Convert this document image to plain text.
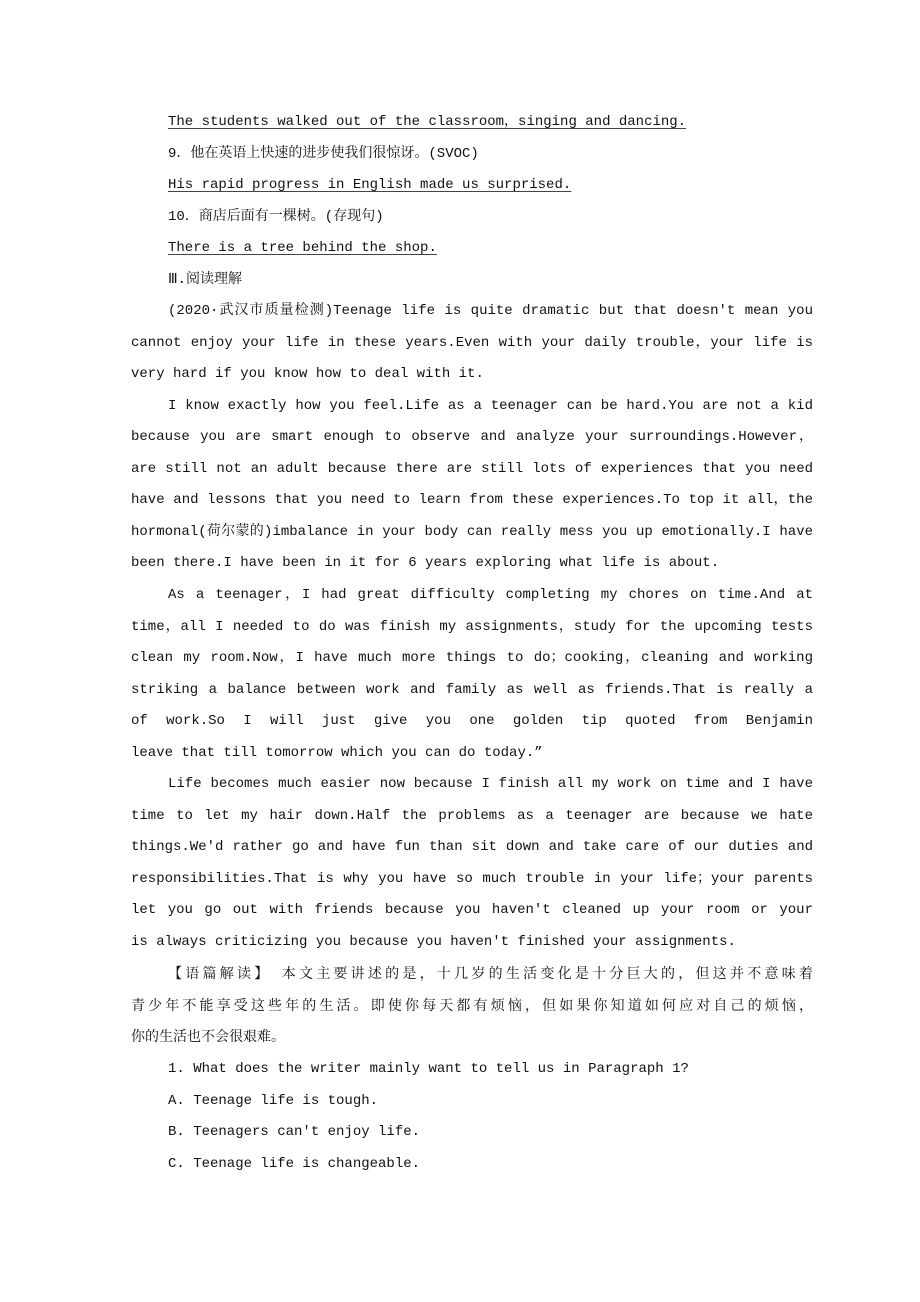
The students walked out of the classroom，singing and dancing.
9．他在英语上快速的进步使我们很惊讶。(SVOC)
His rapid progress in English made us surprised.
10．商店后面有一棵树。(存现句)
There is a tree behind the shop.
Ⅲ.阅读理解
(2020·武汉市质量检测)Teenage life is quite dramatic but that doesn't mean you
cannot enjoy your life in these years.Even with your daily trouble，your life is
very hard if you know how to deal with it.
I know exactly how you feel.Life as a teenager can be hard.You are not a kid
because you are smart enough to observe and analyze your surroundings.However，
are still not an adult because there are still lots of experiences that you need
have and lessons that you need to learn from these experiences.To top it all，the
hormonal(荷尔蒙的)imbalance in your body can really mess you up emotionally.I have
been there.I have been in it for 6 years exploring what life is about.
As a teenager，I had great difficulty completing my chores on time.And at
time，all I needed to do was finish my assignments，study for the upcoming tests
clean my room.Now，I have much more things to do；cooking，cleaning and working
striking a balance between work and family as well as friends.That is really a
of work.So I will just give you one golden tip quoted from Benjamin
leave that till tomorrow which you can do today.”
Life becomes much easier now because I finish all my work on time and I have
time to let my hair down.Half the problems as a teenager are because we hate
things.We'd rather go and have fun than sit down and take care of our duties and
responsibilities.That is why you have so much trouble in your life；your parents
let you go out with friends because you haven't cleaned up your room or your
is always criticizing you because you haven't finished your assignments.
【语篇解读】　本文主要讲述的是，十几岁的生活变化是十分巨大的，但这并不意味着
青少年不能享受这些年的生活。即使你每天都有烦恼，但如果你知道如何应对自己的烦恼，
你的生活也不会很艰难。
1. What does the writer mainly want to tell us in Paragraph 1?
A. Teenage life is tough.
B. Teenagers can't enjoy life.
C. Teenage life is changeable.
